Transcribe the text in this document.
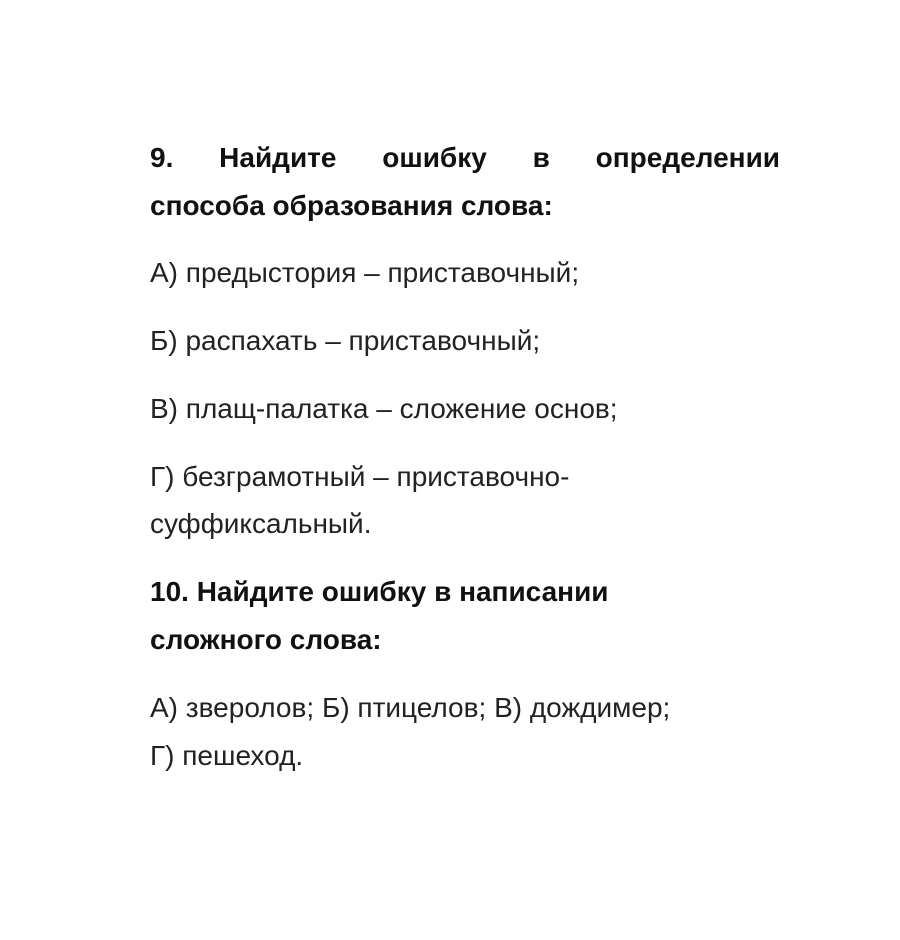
9. Найдите ошибку в определении
способа образования слова:
А) предыстория – приставочный;
Б) распахать – приставочный;
В) плащ-палатка – сложение основ;
Г) безграмотный – приставочно-
суффиксальный.
10. Найдите ошибку в написании
сложного слова:
А) зверолов; Б) птицелов; В) дождимер;
Г) пешеход.
